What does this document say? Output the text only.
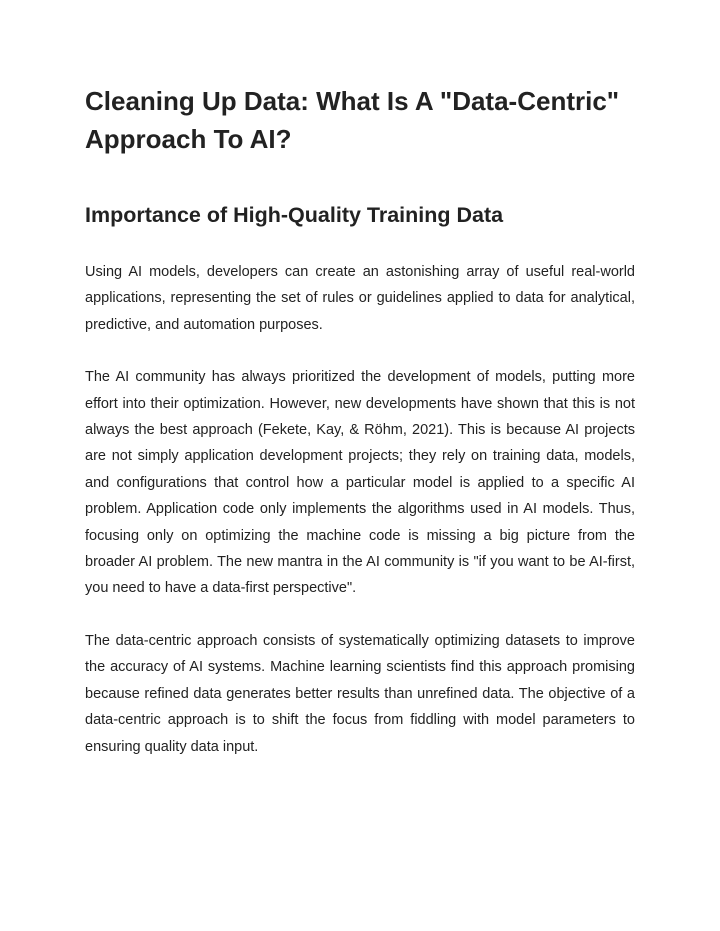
Cleaning Up Data: What Is A "Data-Centric" Approach To AI?
Importance of High-Quality Training Data

Using AI models, developers can create an astonishing array of useful real-world applications, representing the set of rules or guidelines applied to data for analytical, predictive, and automation purposes.

The AI community has always prioritized the development of models, putting more effort into their optimization. However, new developments have shown that this is not always the best approach (Fekete, Kay, & Röhm, 2021). This is because AI projects are not simply application development projects; they rely on training data, models, and configurations that control how a particular model is applied to a specific AI problem. Application code only implements the algorithms used in AI models. Thus, focusing only on optimizing the machine code is missing a big picture from the broader AI problem. The new mantra in the AI community is "if you want to be AI-first, you need to have a data-first perspective".

The data-centric approach consists of systematically optimizing datasets to improve the accuracy of AI systems. Machine learning scientists find this approach promising because refined data generates better results than unrefined data. The objective of a data-centric approach is to shift the focus from fiddling with model parameters to ensuring quality data input.
